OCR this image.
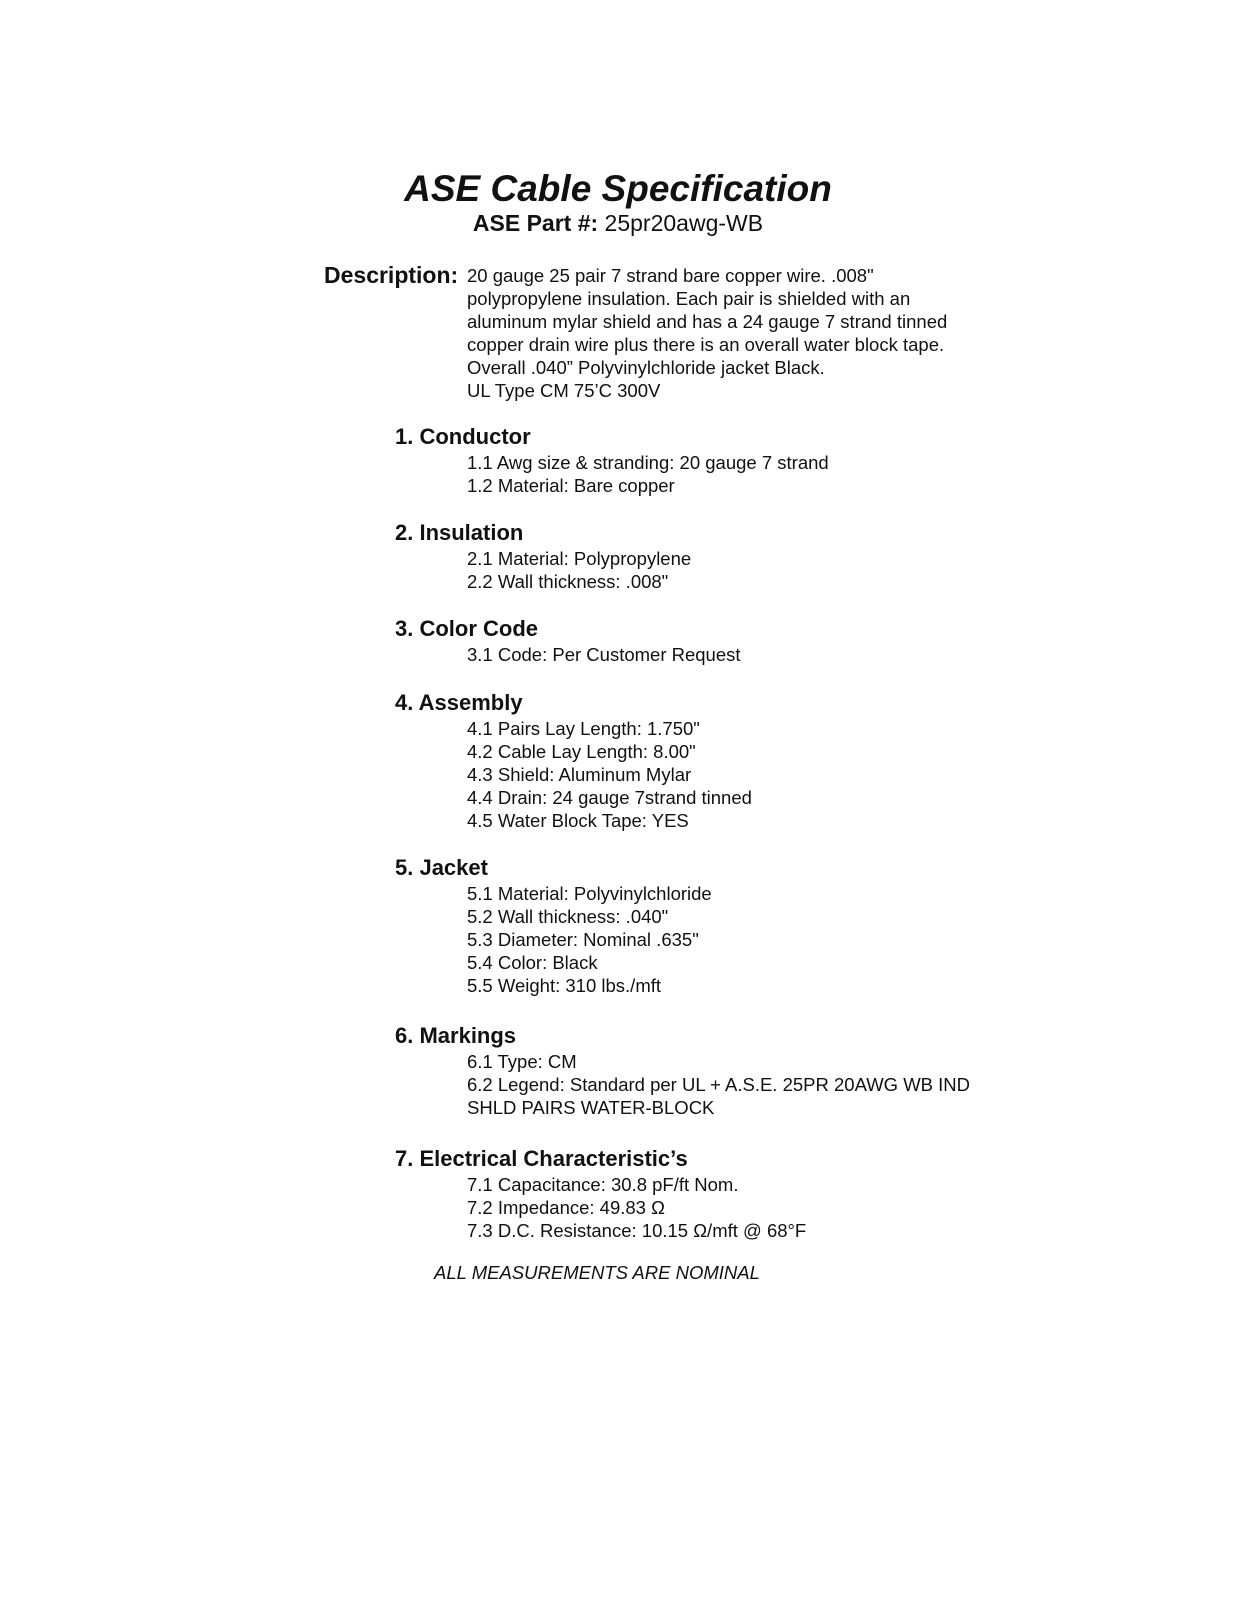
ASE Cable Specification
ASE Part #: 25pr20awg-WB
Description: 20 gauge 25 pair 7 strand bare copper wire. .008"
polypropylene insulation. Each pair is shielded with an
aluminum mylar shield and has a 24 gauge 7 strand tinned
copper drain wire plus there is an overall water block tape.
Overall .040” Polyvinylchloride jacket Black.
UL Type CM 75’C 300V
1. Conductor
1.1 Awg size & stranding: 20 gauge 7 strand
1.2 Material: Bare copper
2. Insulation
2.1 Material: Polypropylene
2.2 Wall thickness: .008"
3. Color Code
3.1 Code: Per Customer Request
4. Assembly
4.1 Pairs Lay Length: 1.750"
4.2 Cable Lay Length: 8.00"
4.3 Shield: Aluminum Mylar
4.4 Drain: 24 gauge 7strand tinned
4.5 Water Block Tape: YES
5. Jacket
5.1 Material: Polyvinylchloride
5.2 Wall thickness: .040"
5.3 Diameter: Nominal .635"
5.4 Color: Black
5.5 Weight: 310 lbs./mft
6. Markings
6.1 Type: CM
6.2 Legend: Standard per UL + A.S.E. 25PR 20AWG WB IND
SHLD PAIRS WATER-BLOCK
7. Electrical Characteristic’s
7.1 Capacitance: 30.8 pF/ft Nom.
7.2 Impedance: 49.83 Ω
7.3 D.C. Resistance: 10.15 Ω/mft @ 68°F
ALL MEASUREMENTS ARE NOMINAL
